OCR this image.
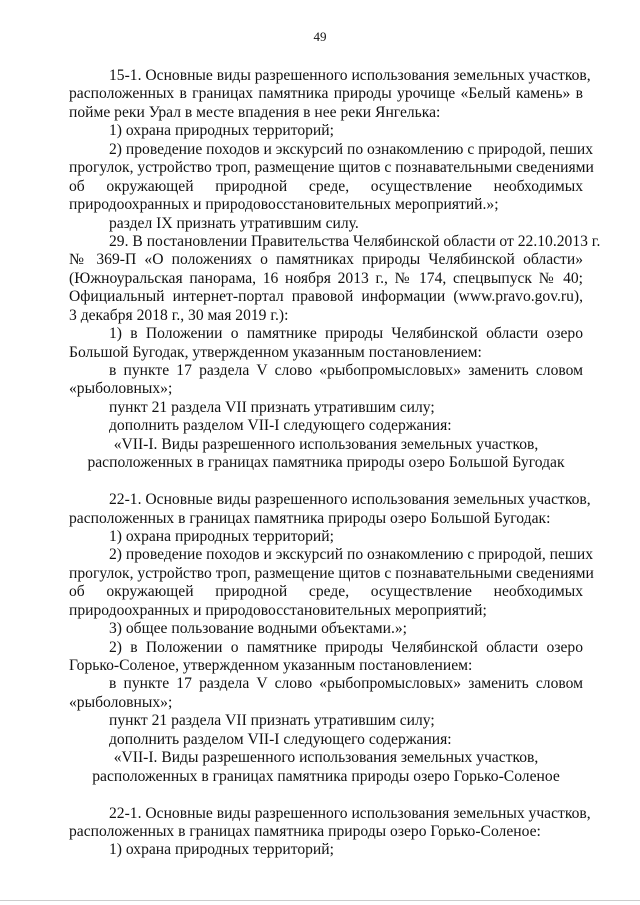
49
15-1. Основные виды разрешенного использования земельных участков,
расположенных в границах памятника природы урочище «Белый камень» в
пойме реки Урал в месте впадения в нее реки Янгелька:
1) охрана природных территорий;
2) проведение походов и экскурсий по ознакомлению с природой, пеших
прогулок, устройство троп, размещение щитов с познавательными сведениями
об окружающей природной среде, осуществление необходимых
природоохранных и природовосстановительных мероприятий.»;
раздел IX признать утратившим силу.
29. В постановлении Правительства Челябинской области от 22.10.2013 г.
№ 369-П «О положениях о памятниках природы Челябинской области»
(Южноуральская панорама, 16 ноября 2013 г., № 174, спецвыпуск № 40;
Официальный интернет-портал правовой информации (www.pravo.gov.ru),
3 декабря 2018 г., 30 мая 2019 г.):
1) в Положении о памятнике природы Челябинской области озеро
Большой Бугодак, утвержденном указанным постановлением:
в пункте 17 раздела V слово «рыбопромысловых» заменить словом
«рыболовных»;
пункт 21 раздела VII признать утратившим силу;
дополнить разделом VII-I следующего содержания:
«VII-I. Виды разрешенного использования земельных участков,
расположенных в границах памятника природы озеро Большой Бугодак
22-1. Основные виды разрешенного использования земельных участков,
расположенных в границах памятника природы озеро Большой Бугодак:
1) охрана природных территорий;
2) проведение походов и экскурсий по ознакомлению с природой, пеших
прогулок, устройство троп, размещение щитов с познавательными сведениями
об окружающей природной среде, осуществление необходимых
природоохранных и природовосстановительных мероприятий;
3) общее пользование водными объектами.»;
2) в Положении о памятнике природы Челябинской области озеро
Горько-Соленое, утвержденном указанным постановлением:
в пункте 17 раздела V слово «рыбопромысловых» заменить словом
«рыболовных»;
пункт 21 раздела VII признать утратившим силу;
дополнить разделом VII-I следующего содержания:
«VII-I. Виды разрешенного использования земельных участков,
расположенных в границах памятника природы озеро Горько-Соленое
22-1. Основные виды разрешенного использования земельных участков,
расположенных в границах памятника природы озеро Горько-Соленое:
1) охрана природных территорий;
